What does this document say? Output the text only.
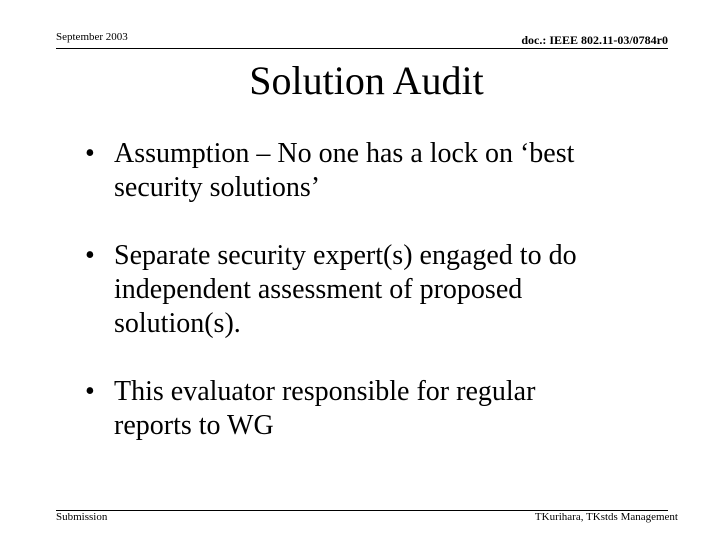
September 2003	doc.: IEEE 802.11-03/0784r0
Solution Audit
• Assumption – No one has a lock on ‘best
security solutions’
• Separate security expert(s) engaged to do
independent assessment of proposed
solution(s).
• This evaluator responsible for regular
reports to WG
Submission	TKurihara, TKstds Management
